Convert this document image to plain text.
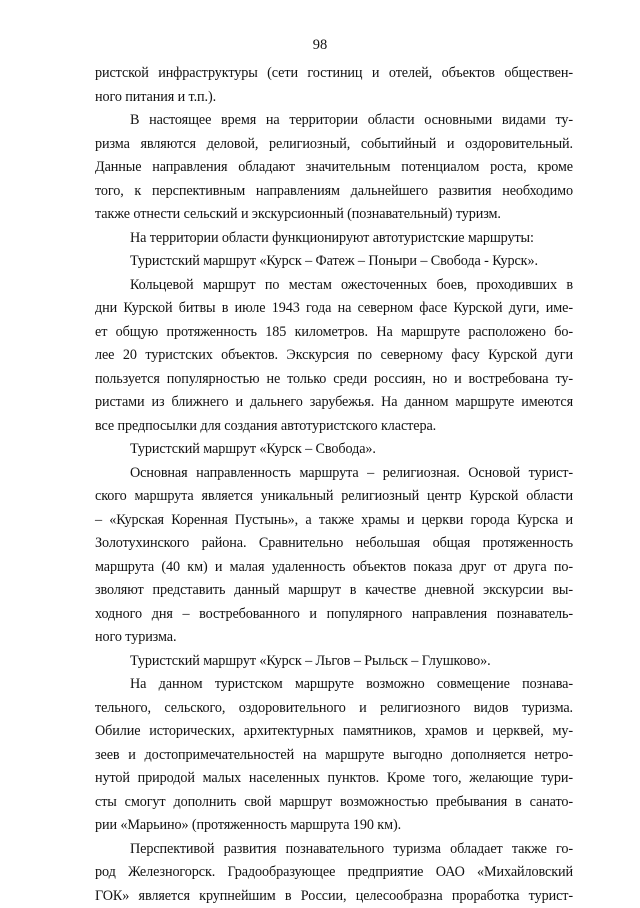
98

ристской инфраструктуры (сети гостиниц и отелей, объектов обществен-
ного питания и т.п.).
В настоящее время на территории области основными видами ту-
ризма являются деловой, религиозный, событийный и оздоровительный.
Данные направления обладают значительным потенциалом роста, кроме
того, к перспективным направлениям дальнейшего развития необходимо
также отнести сельский и экскурсионный (познавательный) туризм.
На территории области функционируют автотуристские маршруты:
Туристский маршрут «Курск – Фатеж – Поныри – Свобода - Курск».
Кольцевой маршрут по местам ожесточенных боев, проходивших в
дни Курской битвы в июле 1943 года на северном фасе Курской дуги, име-
ет общую протяженность 185 километров. На маршруте расположено бо-
лее 20 туристских объектов. Экскурсия по северному фасу Курской дуги
пользуется популярностью не только среди россиян, но и востребована ту-
ристами из ближнего и дальнего зарубежья. На данном маршруте имеются
все предпосылки для создания автотуристского кластера.
Туристский маршрут «Курск – Свобода».
Основная направленность маршрута – религиозная. Основой турист-
ского маршрута является уникальный религиозный центр Курской области
– «Курская Коренная Пустынь», а также храмы и церкви города Курска и
Золотухинского района. Сравнительно небольшая общая протяженность
маршрута (40 км) и малая удаленность объектов показа друг от друга по-
зволяют представить данный маршрут в качестве дневной экскурсии вы-
ходного дня – востребованного и популярного направления познаватель-
ного туризма.
Туристский маршрут «Курск – Льгов – Рыльск – Глушково».
На данном туристском маршруте возможно совмещение познава-
тельного, сельского, оздоровительного и религиозного видов туризма.
Обилие исторических, архитектурных памятников, храмов и церквей, му-
зеев и достопримечательностей на маршруте выгодно дополняется нетро-
нутой природой малых населенных пунктов. Кроме того, желающие тури-
сты смогут дополнить свой маршрут возможностью пребывания в санато-
рии «Марьино» (протяженность маршрута 190 км).
Перспективой развития познавательного туризма обладает также го-
род Железногорск. Градообразующее предприятие ОАО «Михайловский
ГОК» является крупнейшим в России, целесообразна проработка турист-
